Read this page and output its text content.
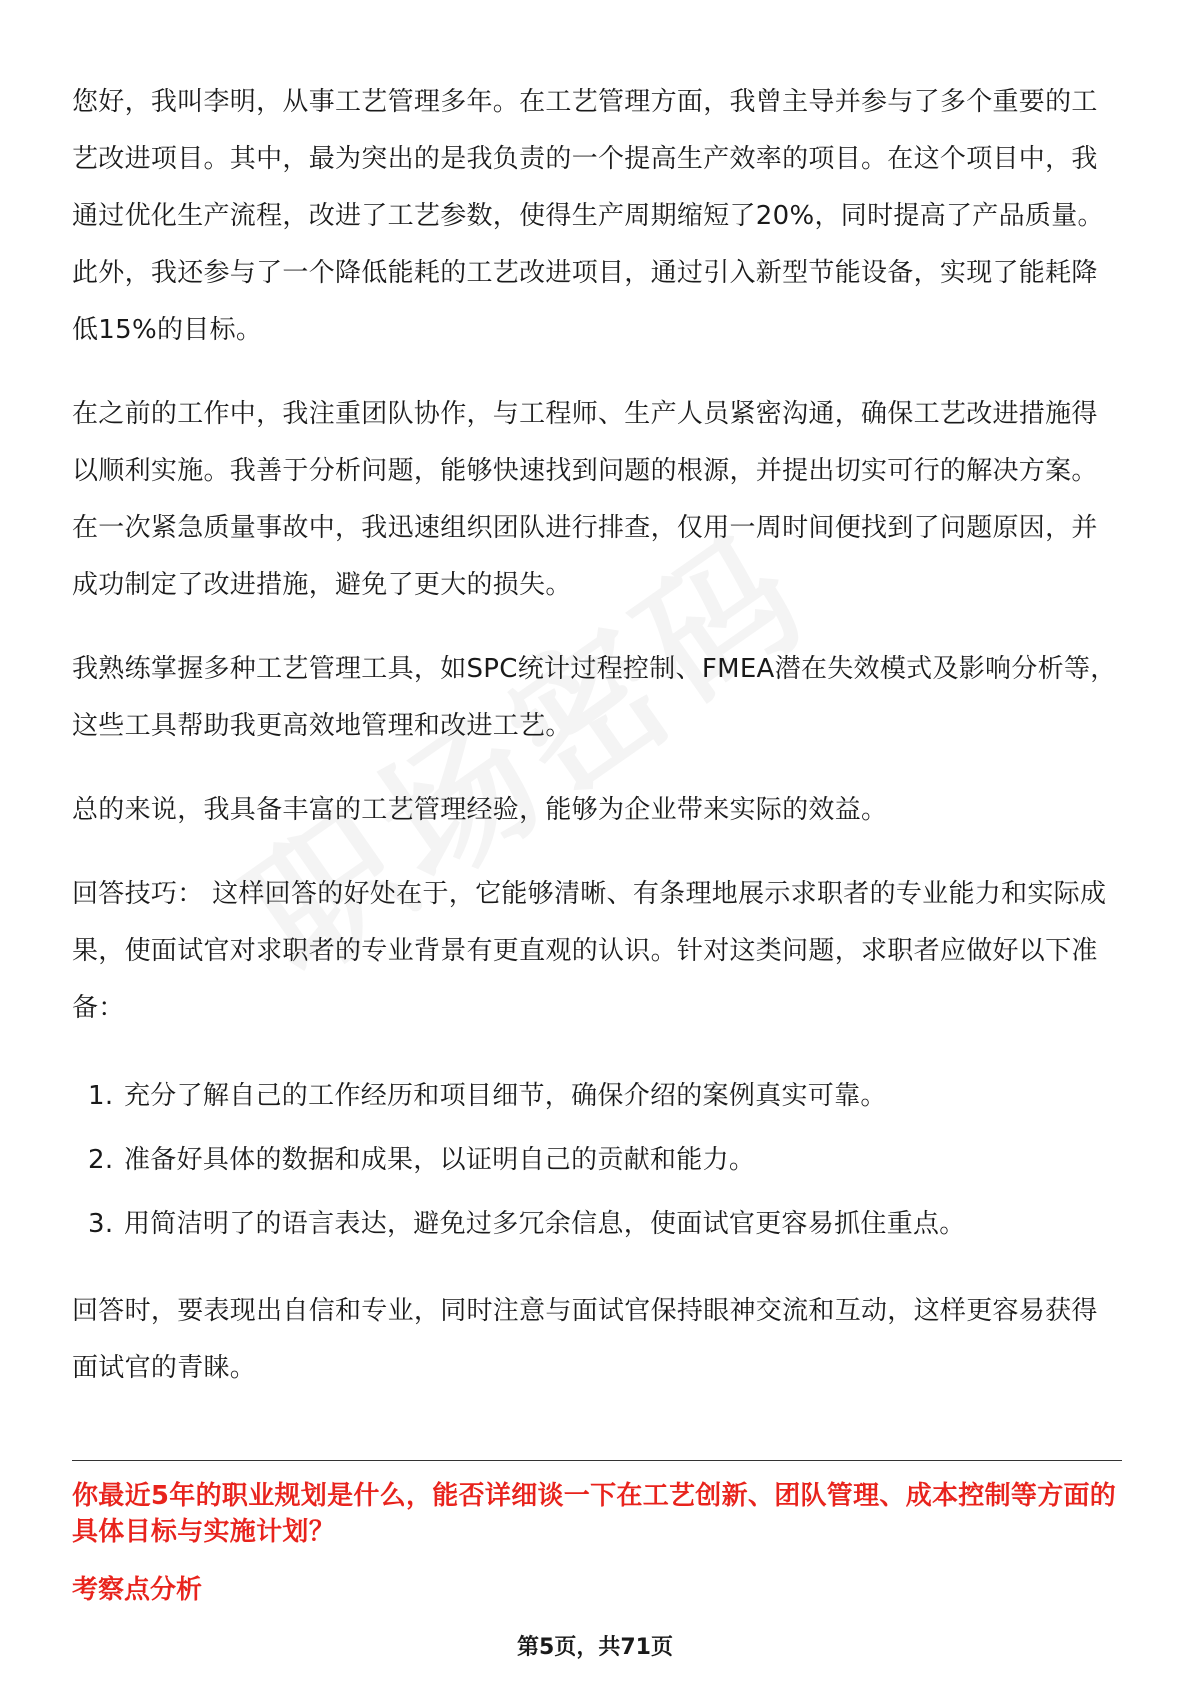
您好，我叫李明，从事工艺管理多年。在工艺管理方面，我曾主导并参与了多个重要的工艺改进项目。其中，最为突出的是我负责的一个提高生产效率的项目。在这个项目中，我通过优化生产流程，改进了工艺参数，使得生产周期缩短了20%，同时提高了产品质量。此外，我还参与了一个降低能耗的工艺改进项目，通过引入新型节能设备，实现了能耗降低15%的目标。

在之前的工作中，我注重团队协作，与工程师、生产人员紧密沟通，确保工艺改进措施得以顺利实施。我善于分析问题，能够快速找到问题的根源，并提出切实可行的解决方案。在一次紧急质量事故中，我迅速组织团队进行排查，仅用一周时间便找到了问题原因，并成功制定了改进措施，避免了更大的损失。

我熟练掌握多种工艺管理工具，如SPC统计过程控制、FMEA潜在失效模式及影响分析等，这些工具帮助我更高效地管理和改进工艺。

总的来说，我具备丰富的工艺管理经验，能够为企业带来实际的效益。

回答技巧： 这样回答的好处在于，它能够清晰、有条理地展示求职者的专业能力和实际成果，使面试官对求职者的专业背景有更直观的认识。针对这类问题，求职者应做好以下准备：

1. 充分了解自己的工作经历和项目细节，确保介绍的案例真实可靠。
2. 准备好具体的数据和成果，以证明自己的贡献和能力。
3. 用简洁明了的语言表达，避免过多冗余信息，使面试官更容易抓住重点。

回答时，要表现出自信和专业，同时注意与面试官保持眼神交流和互动，这样更容易获得面试官的青睐。

你最近5年的职业规划是什么，能否详细谈一下在工艺创新、团队管理、成本控制等方面的具体目标与实施计划？
考察点分析
第5页，共71页
